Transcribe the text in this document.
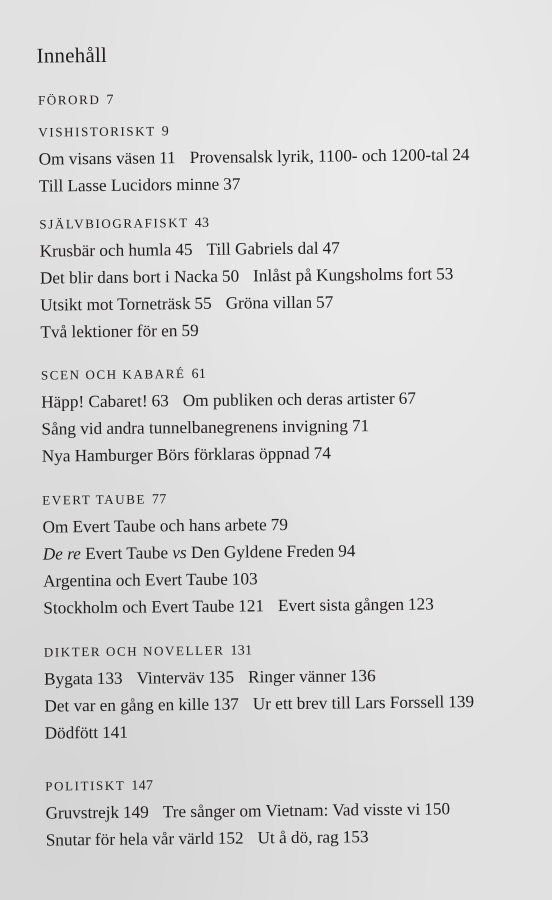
Innehåll
FÖRORD 7
VISHISTORISKT 9
Om visans väsen 11 Provensalsk lyrik, 1100- och 1200-tal 24
Till Lasse Lucidors minne 37
SJÄLVBIOGRAFISKT 43
Krusbär och humla 45 Till Gabriels dal 47
Det blir dans bort i Nacka 50 Inlåst på Kungsholms fort 53
Utsikt mot Torneträsk 55 Gröna villan 57
Två lektioner för en 59
SCEN OCH KABARÉ 61
Häpp! Cabaret! 63 Om publiken och deras artister 67
Sång vid andra tunnelbanegrenens invigning 71
Nya Hamburger Börs förklaras öppnad 74
EVERT TAUBE 77
Om Evert Taube och hans arbete 79
De re Evert Taube vs Den Gyldene Freden 94
Argentina och Evert Taube 103
Stockholm och Evert Taube 121 Evert sista gången 123
DIKTER OCH NOVELLER 131
Bygata 133 Vinterväv 135 Ringer vänner 136
Det var en gång en kille 137 Ur ett brev till Lars Forssell 139
Dödfött 141
POLITISKT 147
Gruvstrejk 149 Tre sånger om Vietnam: Vad visste vi 150
Snutar för hela vår värld 152 Ut å dö, rag 153
